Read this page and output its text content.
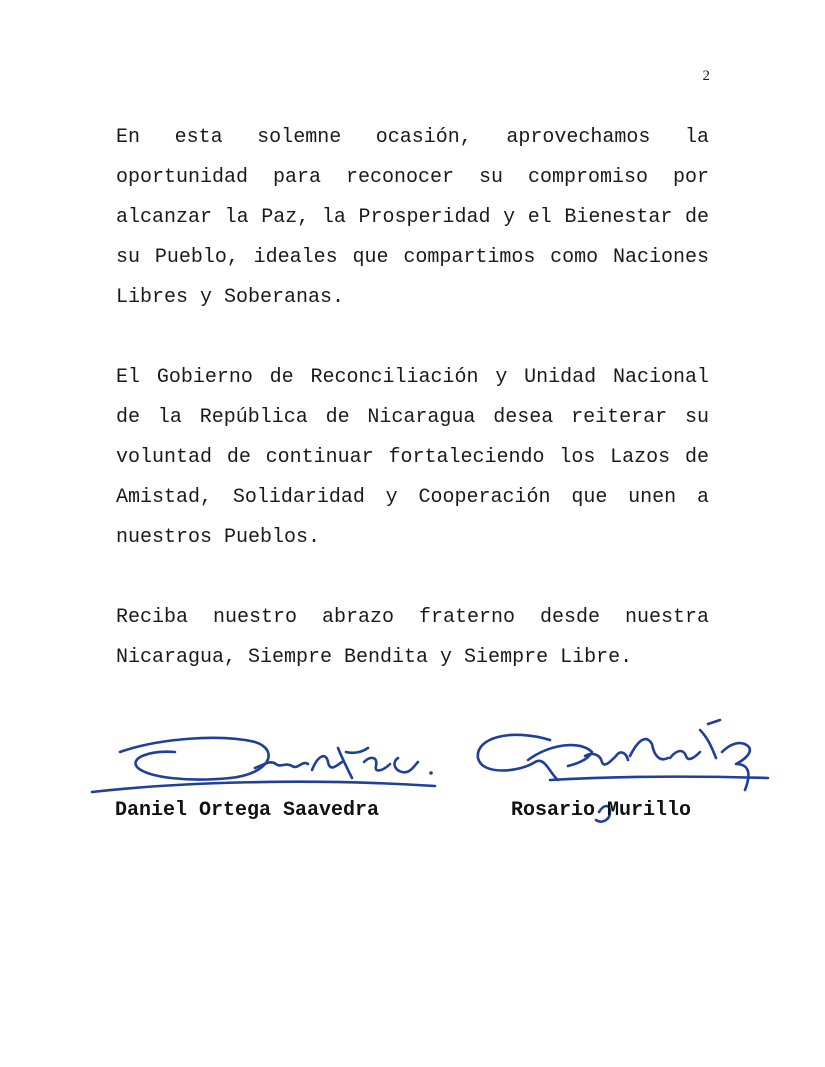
2

En esta solemne ocasión, aprovechamos la oportunidad para reconocer su compromiso por alcanzar la Paz, la Prosperidad y el Bienestar de su Pueblo, ideales que compartimos como Naciones Libres y Soberanas.

El Gobierno de Reconciliación y Unidad Nacional de la República de Nicaragua desea reiterar su voluntad de continuar fortaleciendo los Lazos de Amistad, Solidaridad y Cooperación que unen a nuestros Pueblos.

Reciba nuestro abrazo fraterno desde nuestra Nicaragua, Siempre Bendita y Siempre Libre.

Daniel Ortega Saavedra	Rosario Murillo
